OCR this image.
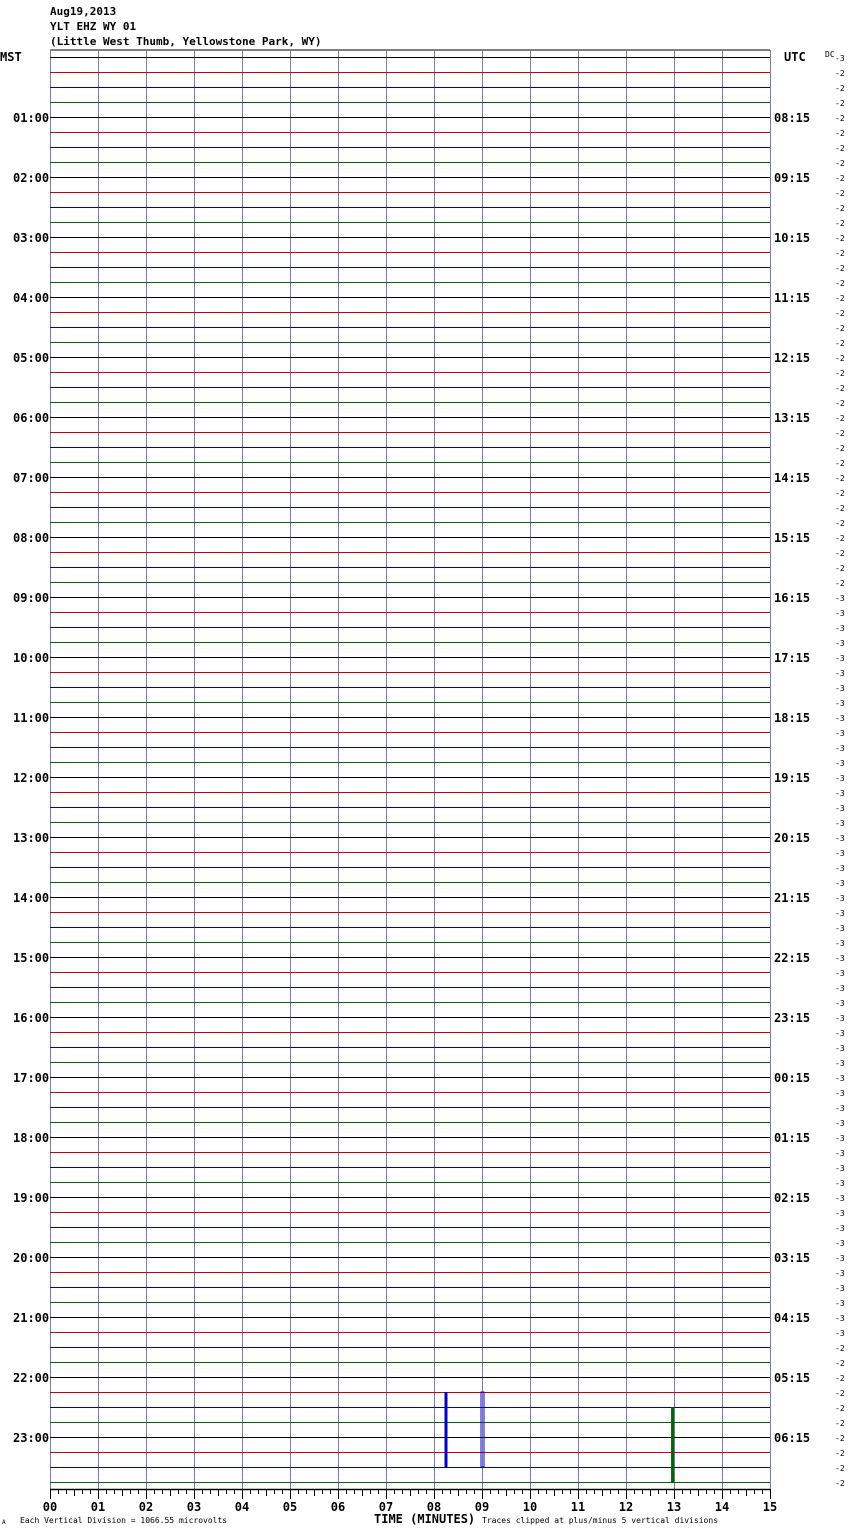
Aug19,2013
YLT EHZ WY 01
(Little West Thumb, Yellowstone Park, WY)
MST	UTC DC
01:00
02:00
03:00
04:00
05:00
06:00
07:00
08:00
09:00
10:00
11:00
12:00
13:00
14:00
15:00
16:00
17:00
18:00
19:00
20:00
21:00
22:00
23:00
08:15
09:15
10:15
11:15
12:15
13:15
14:15
15:15
16:15
17:15
18:15
19:15
20:15
21:15
22:15
23:15
00:15
01:15
02:15
03:15
04:15
05:15
06:15
-3
-2
-2
-2
-2
-2
-2
-2
-2
-2
-2
-2
-2
-2
-2
-2
-2
-2
-2
-2
-2
-2
-2
-2
-2
-2
-2
-2
-2
-2
-2
-2
-2
-2
-2
-2
-3
-3
-3
-3
-3
-3
-3
-3
-3
-3
-3
-3
-3
-3
-3
-3
-3
-3
-3
-3
-3
-3
-3
-3
-3
-3
-3
-3
-3
-3
-3
-3
-3
-3
-3
-3
-3
-3
-3
-3
-3
-3
-3
-3
-3
-3
-3
-3
-3
-3
-2
-2
-2
-2
-2
-2
-2
-2
-2
-2
00	01	02	03	04	05	06	07	08	09	10	11	12	13	14	15
A Each Vertical Division = 1066.55 microvolts	TIME (MINUTES) Traces clipped at plus/minus 5 vertical divisions
